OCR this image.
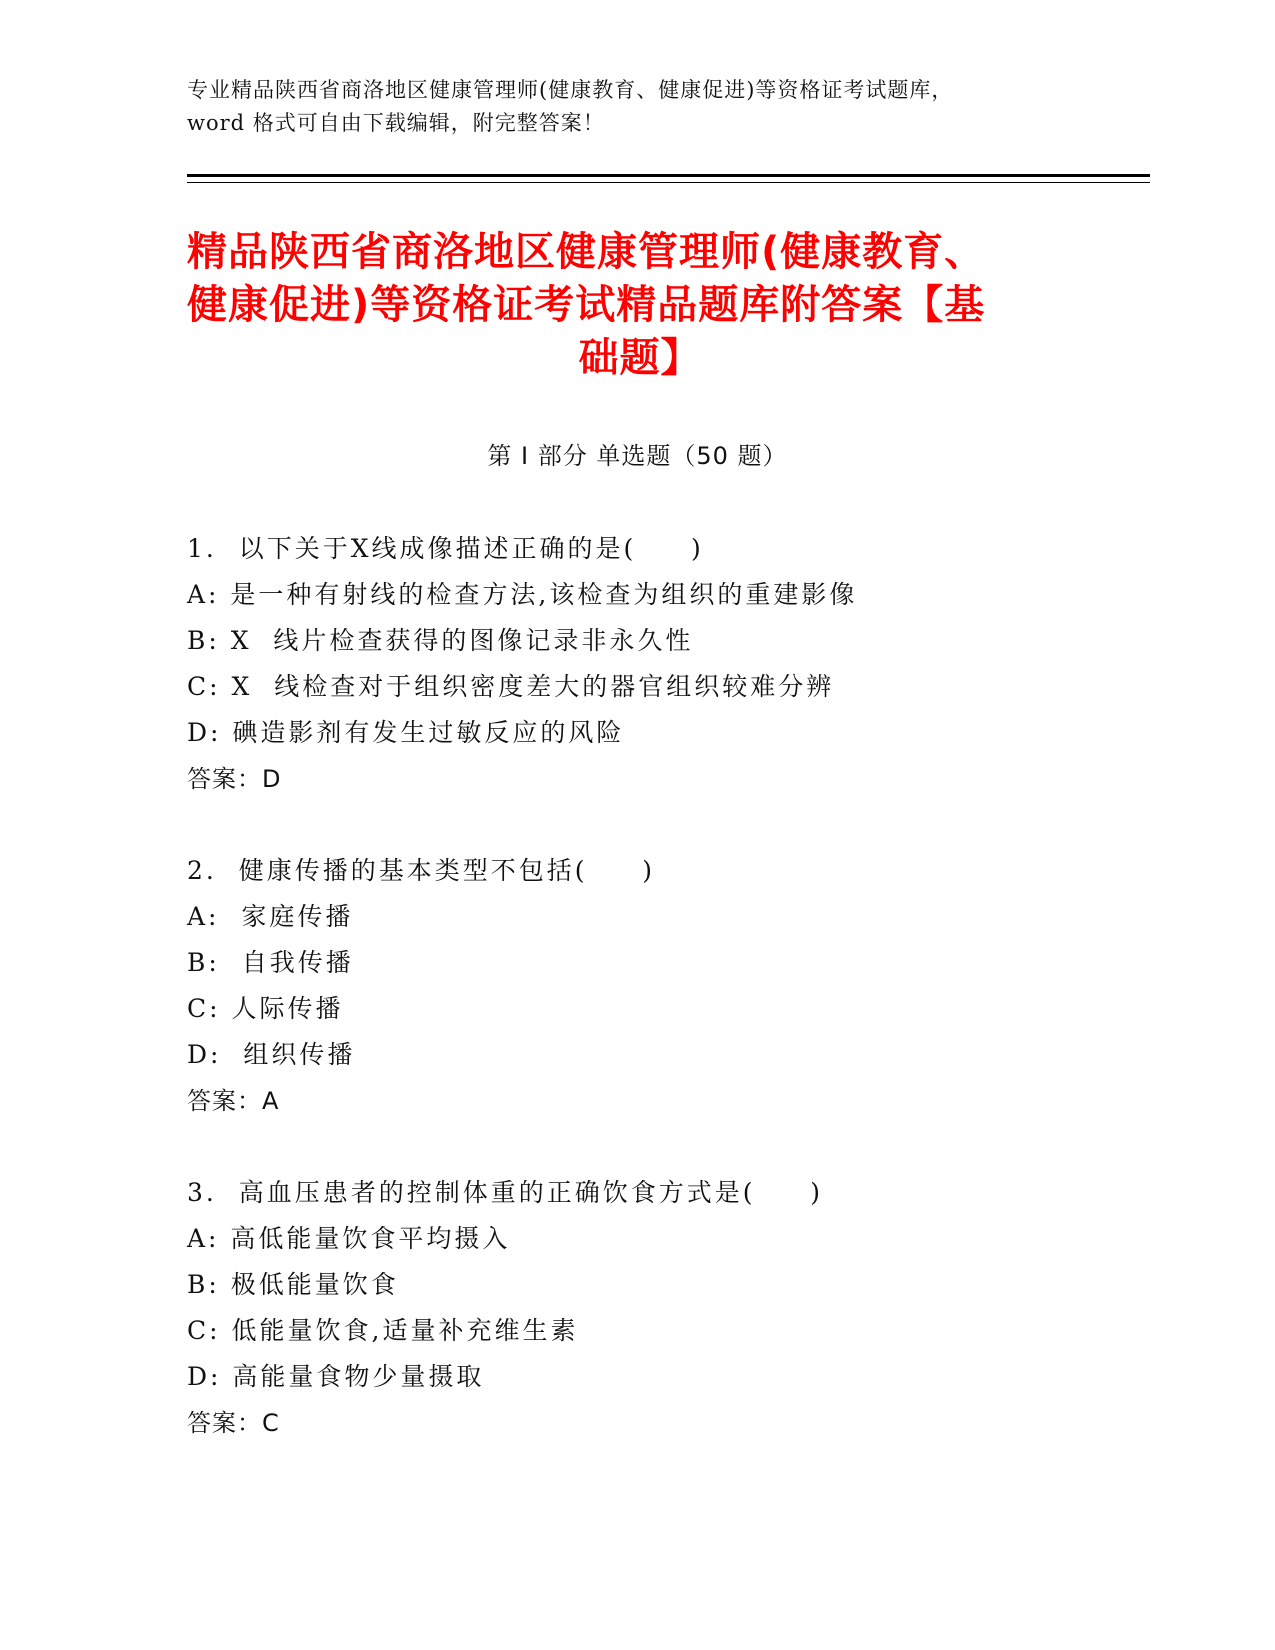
专业精品陕西省商洛地区健康管理师(健康教育、健康促进)等资格证考试题库，
word 格式可自由下载编辑，附完整答案！
精品陕西省商洛地区健康管理师(健康教育、
健康促进)等资格证考试精品题库附答案【基
础题】
第 I 部分 单选题（50 题）
1.  以下关于X线成像描述正确的是(     )
A: 是一种有射线的检查方法,该检查为组织的重建影像
B: X  线片检查获得的图像记录非永久性
C: X  线检查对于组织密度差大的器官组织较难分辨
D: 碘造影剂有发生过敏反应的风险
答案：D
2.  健康传播的基本类型不包括(     )
A:  家庭传播
B:  自我传播
C: 人际传播
D:  组织传播
答案：A
3.  高血压患者的控制体重的正确饮食方式是(     )
A: 高低能量饮食平均摄入
B: 极低能量饮食
C: 低能量饮食,适量补充维生素
D: 高能量食物少量摄取
答案：C
